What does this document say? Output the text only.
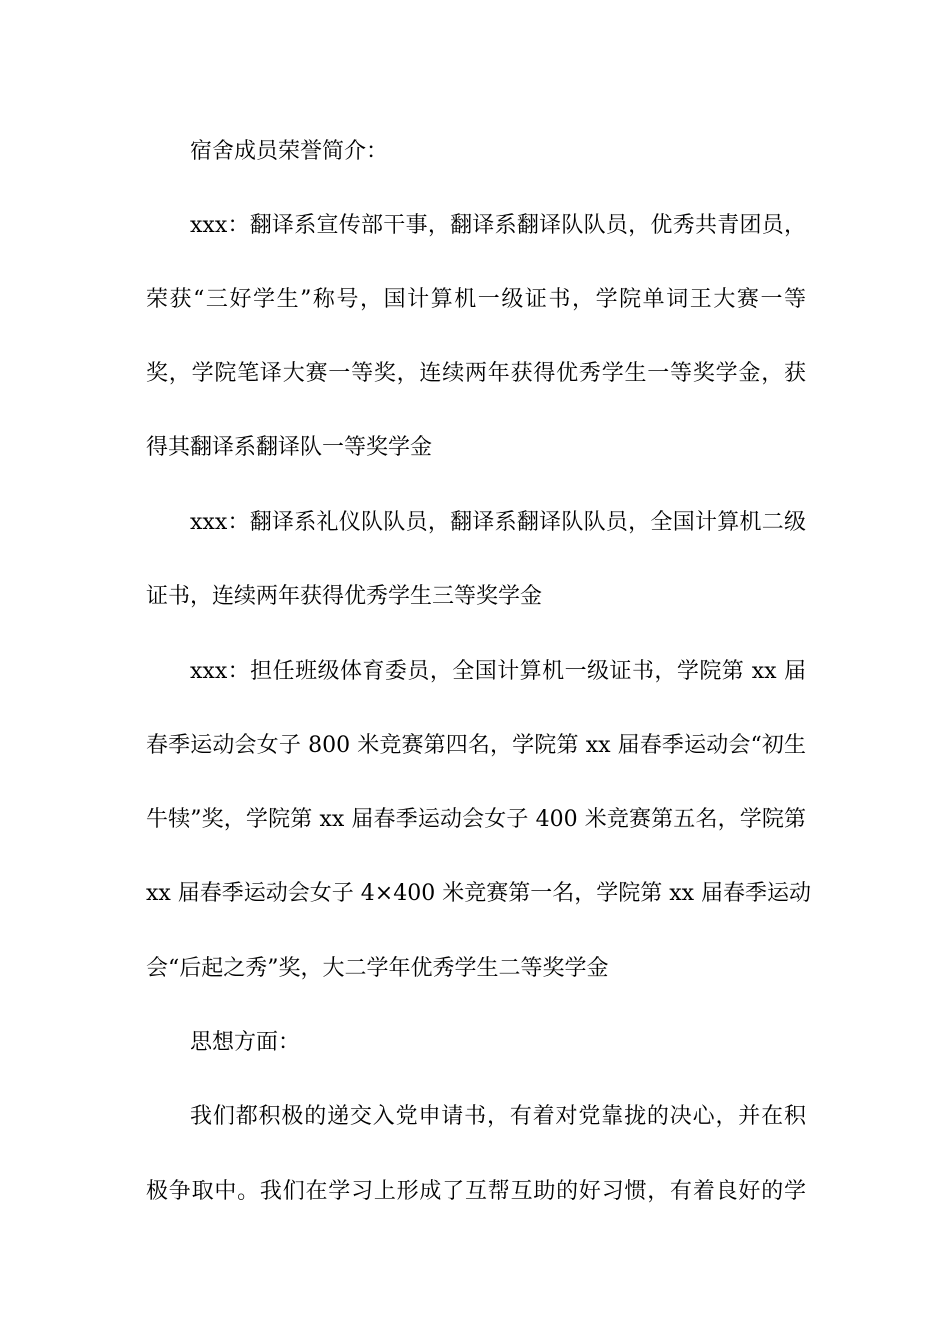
宿舍成员荣誉简介：
xxx：翻译系宣传部干事，翻译系翻译队队员，优秀共青团员，
荣获“三好学生”称号，国计算机一级证书，学院单词王大赛一等
奖，学院笔译大赛一等奖，连续两年获得优秀学生一等奖学金，获
得其翻译系翻译队一等奖学金
xxx：翻译系礼仪队队员，翻译系翻译队队员，全国计算机二级
证书，连续两年获得优秀学生三等奖学金
xxx：担任班级体育委员，全国计算机一级证书，学院第 xx 届
春季运动会女子 800 米竞赛第四名，学院第 xx 届春季运动会“初生
牛犊”奖，学院第 xx 届春季运动会女子 400 米竞赛第五名，学院第
xx 届春季运动会女子 4×400 米竞赛第一名，学院第 xx 届春季运动
会“后起之秀”奖，大二学年优秀学生二等奖学金
思想方面：
我们都积极的递交入党申请书，有着对党靠拢的决心，并在积
极争取中。我们在学习上形成了互帮互助的好习惯，有着良好的学
